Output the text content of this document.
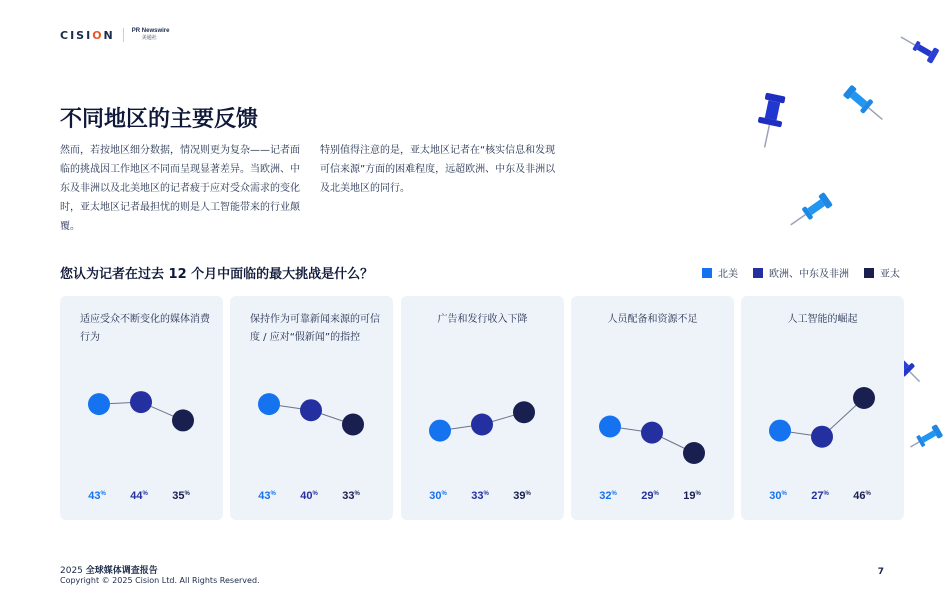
CISION	PR Newswire
美通社
不同地区的主要反馈

然而，若按地区细分数据，情况则更为复杂——记者面临的挑战因工作地区不同而呈现显著差异。当欧洲、中东及非洲以及北美地区的记者疲于应对受众需求的变化时，亚太地区记者最担忧的则是人工智能带来的行业颠覆。

特别值得注意的是，亚太地区记者在“核实信息和发现可信来源”方面的困难程度，远超欧洲、中东及非洲以及北美地区的同行。

您认为记者在过去 12 个月中面临的最大挑战是什么？	北美	欧洲、中东及非洲	亚太
适应受众不断变化的媒体消费行为
43% 44% 35%
保持作为可靠新闻来源的可信度 / 应对“假新闻”的指控
43% 40% 33%
广告和发行收入下降
30% 33% 39%
人员配备和资源不足
32% 29% 19%
人工智能的崛起
30% 27% 46%
2025 全球媒体调查报告
Copyright © 2025 Cision Ltd. All Rights Reserved.
7
